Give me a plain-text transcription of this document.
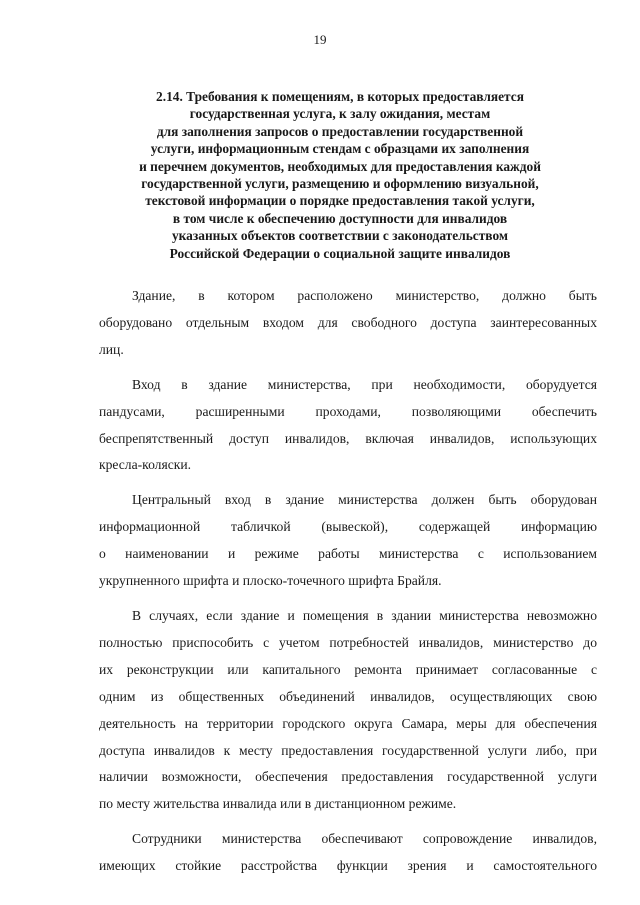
19
2.14. Требования к помещениям, в которых предоставляется
государственная услуга, к залу ожидания, местам
для заполнения запросов о предоставлении государственной
услуги, информационным стендам с образцами их заполнения
и перечнем документов, необходимых для предоставления каждой
государственной услуги, размещению и оформлению визуальной,
текстовой информации о порядке предоставления такой услуги,
в том числе к обеспечению доступности для инвалидов
указанных объектов соответствии с законодательством
Российской Федерации о социальной защите инвалидов

Здание, в котором расположено министерство, должно быть
оборудовано отдельным входом для свободного доступа заинтересованных
лиц.

Вход в здание министерства, при необходимости, оборудуется
пандусами, расширенными проходами, позволяющими обеспечить
беспрепятственный доступ инвалидов, включая инвалидов, использующих
кресла-коляски.

Центральный вход в здание министерства должен быть оборудован
информационной табличкой (вывеской), содержащей информацию
о наименовании и режиме работы министерства с использованием
укрупненного шрифта и плоско-точечного шрифта Брайля.

В случаях, если здание и помещения в здании министерства невозможно
полностью приспособить с учетом потребностей инвалидов, министерство до
их реконструкции или капитального ремонта принимает согласованные с
одним из общественных объединений инвалидов, осуществляющих свою
деятельность на территории городского округа Самара, меры для обеспечения
доступа инвалидов к месту предоставления государственной услуги либо, при
наличии возможности, обеспечения предоставления государственной услуги
по месту жительства инвалида или в дистанционном режиме.

Сотрудники министерства обеспечивают сопровождение инвалидов,
имеющих стойкие расстройства функции зрения и самостоятельного
